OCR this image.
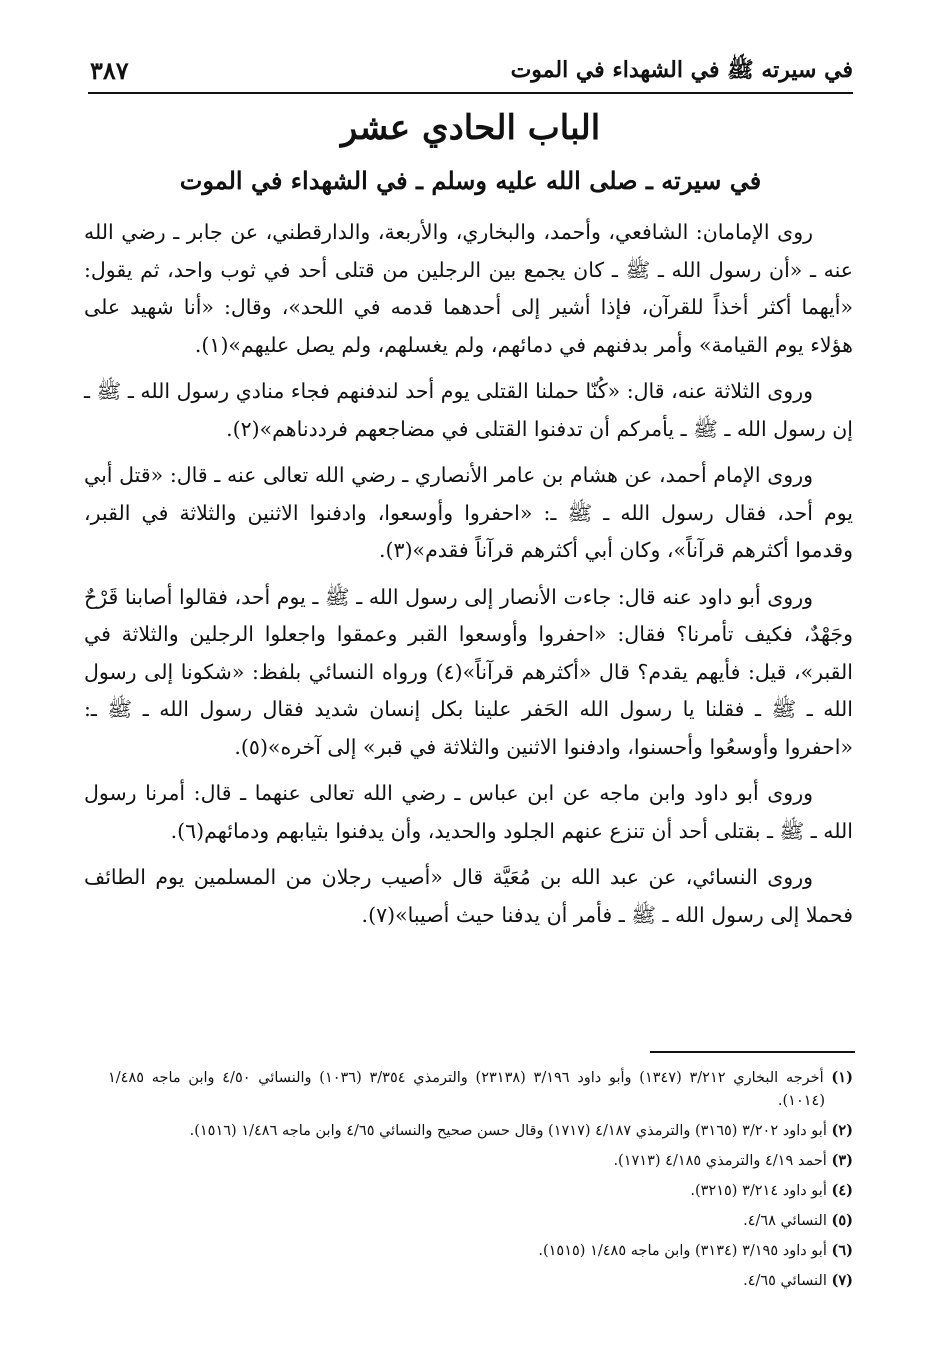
في سيرته ﷺ في الشهداء في الموت
٣٨٧
الباب الحادي عشر
في سيرته ـ صلى الله عليه وسلم ـ في الشهداء في الموت

روى الإمامان: الشافعي، وأحمد، والبخاري، والأربعة، والدارقطني، عن جابر ـ رضي الله عنه ـ «أن رسول الله ـ ﷺ ـ كان يجمع بين الرجلين من قتلى أحد في ثوب واحد، ثم يقول: «أيهما أكثر أخذاً للقرآن، فإذا أشير إلى أحدهما قدمه في اللحد»، وقال: «أنا شهيد على هؤلاء يوم القيامة» وأمر بدفنهم في دمائهم، ولم يغسلهم، ولم يصل عليهم»(١).

وروى الثلاثة عنه، قال: «كُنّا حملنا القتلى يوم أحد لندفنهم فجاء منادي رسول الله ـ ﷺ ـ إن رسول الله ـ ﷺ ـ يأمركم أن تدفنوا القتلى في مضاجعهم فرددناهم»(٢).

وروى الإمام أحمد، عن هشام بن عامر الأنصاري ـ رضي الله تعالى عنه ـ قال: «قتل أبي يوم أحد، فقال رسول الله ـ ﷺ ـ: «احفروا وأوسعوا، وادفنوا الاثنين والثلاثة في القبر، وقدموا أكثرهم قرآناً»، وكان أبي أكثرهم قرآناً فقدم»(٣).

وروى أبو داود عنه قال: جاءت الأنصار إلى رسول الله ـ ﷺ ـ يوم أحد، فقالوا أصابنا قَرْحٌ وجَهْدٌ، فكيف تأمرنا؟ فقال: «احفروا وأوسعوا القبر وعمقوا واجعلوا الرجلين والثلاثة في القبر»، قيل: فأيهم يقدم؟ قال «أكثرهم قرآناً»(٤) ورواه النسائي بلفظ: «شكونا إلى رسول الله ـ ﷺ ـ فقلنا يا رسول الله الحَفر علينا بكل إنسان شديد فقال رسول الله ـ ﷺ ـ: «احفروا وأوسعُوا وأحسنوا، وادفنوا الاثنين والثلاثة في قبر» إلى آخره»(٥).

وروى أبو داود وابن ماجه عن ابن عباس ـ رضي الله تعالى عنهما ـ قال: أمرنا رسول الله ـ ﷺ ـ بقتلى أحد أن تنزع عنهم الجلود والحديد، وأن يدفنوا بثيابهم ودمائهم(٦).

وروى النسائي، عن عبد الله بن مُعَيَّة قال «أصيب رجلان من المسلمين يوم الطائف فحملا إلى رسول الله ـ ﷺ ـ فأمر أن يدفنا حيث أصيبا»(٧).

(١) أخرجه البخاري ٣/٢١٢ (١٣٤٧) وأبو داود ٣/١٩٦ (٢٣١٣٨) والترمذي ٣/٣٥٤ (١٠٣٦) والنسائي ٤/٥٠ وابن ماجه ١/٤٨٥ (١٠١٤).
(٢) أبو داود ٣/٢٠٢ (٣١٦٥) والترمذي ٤/١٨٧ (١٧١٧) وقال حسن صحيح والنسائي ٤/٦٥ وابن ماجه ١/٤٨٦ (١٥١٦).
(٣) أحمد ٤/١٩ والترمذي ٤/١٨٥ (١٧١٣).
(٤) أبو داود ٣/٢١٤ (٣٢١٥).
(٥) النسائي ٤/٦٨.
(٦) أبو داود ٣/١٩٥ (٣١٣٤) وابن ماجه ١/٤٨٥ (١٥١٥).
(٧) النسائي ٤/٦٥.
